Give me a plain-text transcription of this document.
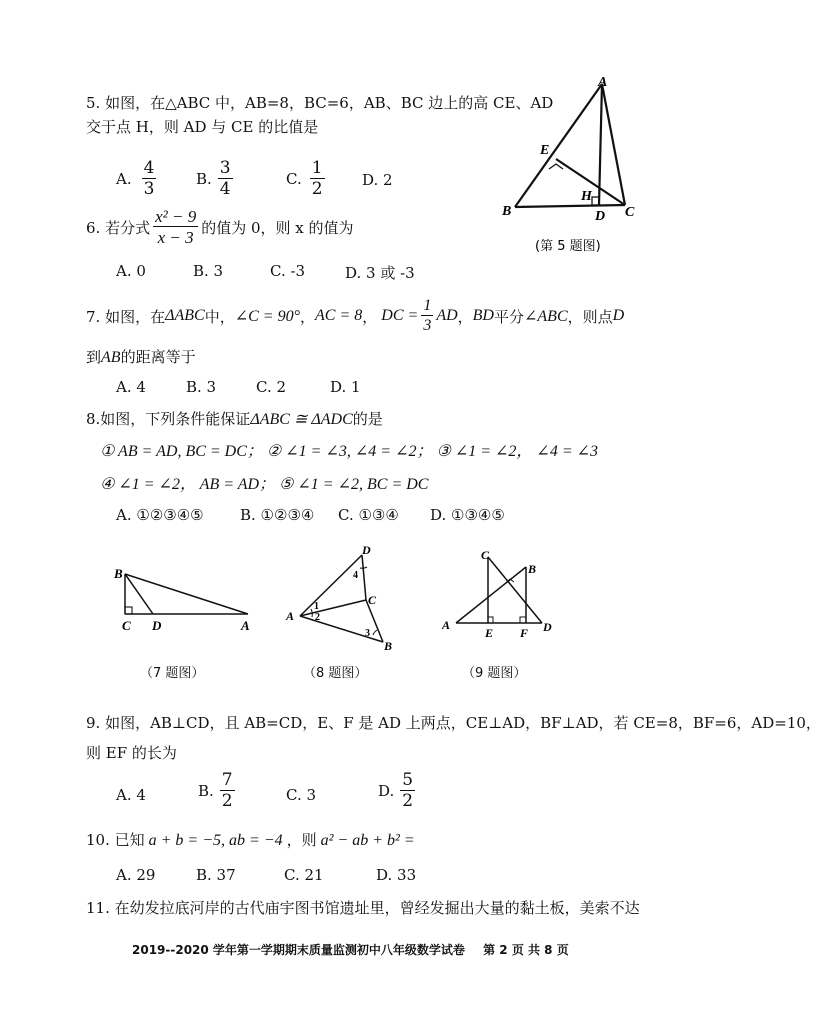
5. 如图，在△ABC 中，AB=8，BC=6，AB、BC 边上的高 CE、AD
交于点 H，则 AD 与 CE 的比值是
A. $\frac{4}{3}$	B. $\frac{3}{4}$	C. $\frac{1}{2} D$. 2
A
B	C
D
E
H
(第 5 题图)
6. 若分式 $\frac{\text{x² − 9}}{x - 3}$ 的值为 0，则 x 的值为
A. 0	B. 3	C. -3	D. 3 或 -3
7. 如图，在 ΔABC 中， ∠C = 90° ， AC = 8 ， DC = $\frac{1}{3}$ AD ， BD 平分 ∠ABC ，则点 D
到AB的距离等于
A. 4	B. 3	C. 2	D. 1
8.如图，下列条件能保证ΔABC ≅ ΔADC的是
① AB = AD, BC = DC； ② ∠1 = ∠3, ∠4 = ∠2； ③ ∠1 = ∠2， ∠4 = ∠3
④ ∠1 = ∠2， AB = AD； ⑤ ∠1 = ∠2, BC = DC
A. ①②③④⑤ B. ①②③④ C. ①③④ D. ①③④⑤
B
C D	A
（7 题图）
D
A
C
B
1
2
3
4
（8 题图）
C
B
A
E F D
（9 题图）
9. 如图，AB⊥CD，且 AB=CD，E、F 是 AD 上两点，CE⊥AD，BF⊥AD，若 CE=8，BF=6，AD=10，
则 EF 的长为
A. 4	B. $\frac{7}{2}$	C. 3	D. $\frac{5}{2}$
10. 已知 a + b = −5, ab = −4 ，则 a² − ab + b² =
A. 29	B. 37	C. 21	D. 33
11. 在幼发拉底河岸的古代庙宇图书馆遗址里，曾经发掘出大量的黏土板，美索不达
2019--2020 学年第一学期期末质量监测初中八年级数学试卷 第 2 页 共 8 页
